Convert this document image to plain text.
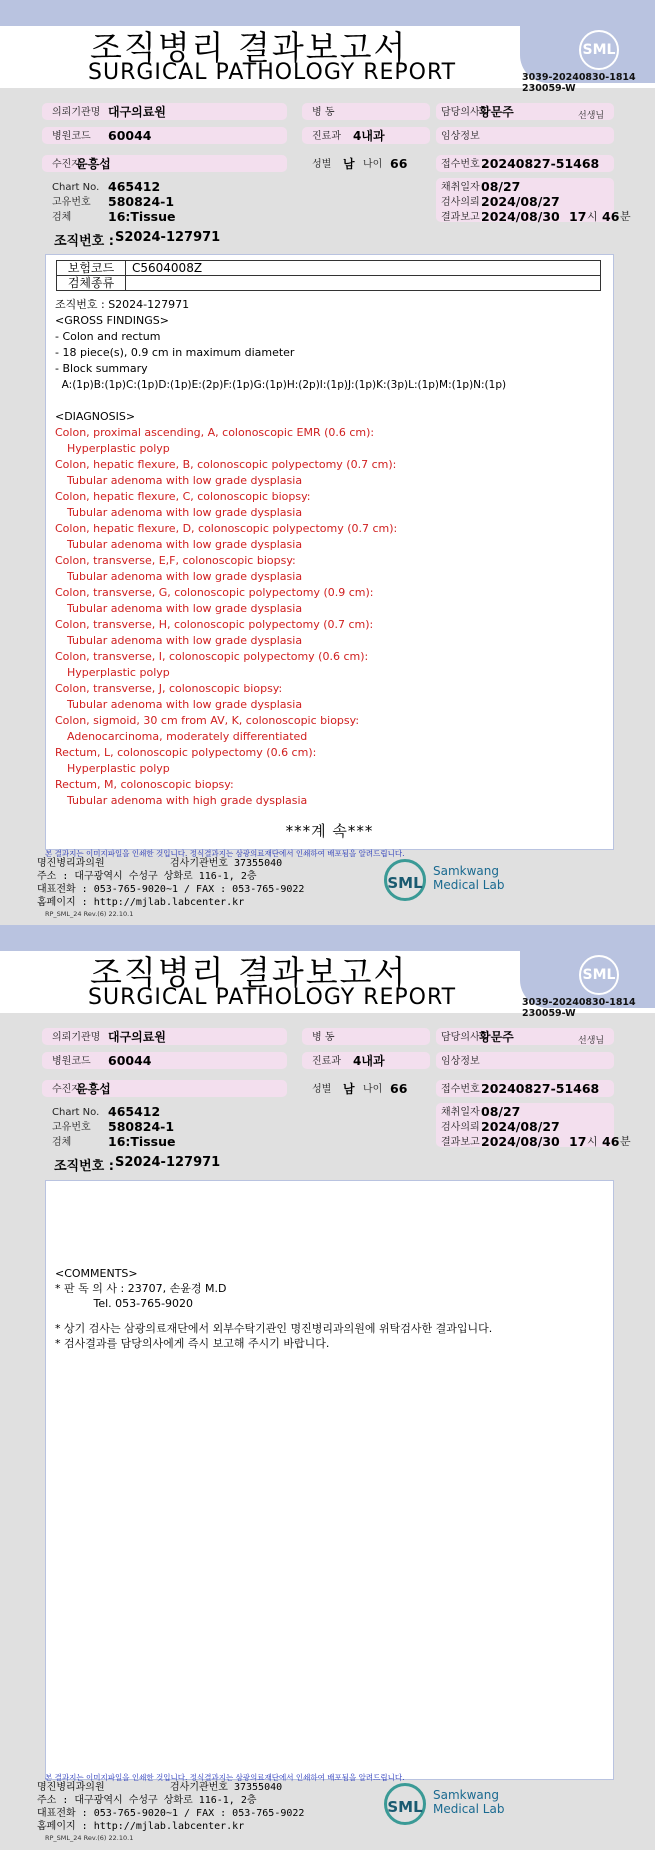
조직병리 결과보고서
SURGICAL PATHOLOGY REPORT
SML
3039-20240830-1814
230059-W
의뢰기관명 대구의료원	병 동	담당의사 황문주	선생님
병원코드 60044	진료과 4내과	임상정보
수진자
윤흥섭	성별 남 나이 66	접수번호 20240827-51468
Chart No. 465412
고유번호 580824-1
검체	16:Tissue
채취일자 08/27
검사의뢰 2024/08/27
결과보고 2024/08/30 17 시 46 분
조직번호 : S2024-127971
보험코드	C5604008Z
검체종류	
조직번호 : S2024-127971
<GROSS FINDINGS>
- Colon and rectum
- 18 piece(s), 0.9 cm in maximum diameter
- Block summary
A:(1p)B:(1p)C:(1p)D:(1p)E:(2p)F:(1p)G:(1p)H:(2p)I:(1p)J:(1p)K:(3p)L:(1p)M:(1p)N:(1p)
<DIAGNOSIS>
Colon, proximal ascending, A, colonoscopic EMR (0.6 cm):
Hyperplastic polyp
Colon, hepatic flexure, B, colonoscopic polypectomy (0.7 cm):
Tubular adenoma with low grade dysplasia
Colon, hepatic flexure, C, colonoscopic biopsy:
Tubular adenoma with low grade dysplasia
Colon, hepatic flexure, D, colonoscopic polypectomy (0.7 cm):
Tubular adenoma with low grade dysplasia
Colon, transverse, E,F, colonoscopic biopsy:
Tubular adenoma with low grade dysplasia
Colon, transverse, G, colonoscopic polypectomy (0.9 cm):
Tubular adenoma with low grade dysplasia
Colon, transverse, H, colonoscopic polypectomy (0.7 cm):
Tubular adenoma with low grade dysplasia
Colon, transverse, I, colonoscopic polypectomy (0.6 cm):
Hyperplastic polyp
Colon, transverse, J, colonoscopic biopsy:
Tubular adenoma with low grade dysplasia
Colon, sigmoid, 30 cm from AV, K, colonoscopic biopsy:
Adenocarcinoma, moderately differentiated
Rectum, L, colonoscopic polypectomy (0.6 cm):
Hyperplastic polyp
Rectum, M, colonoscopic biopsy:
Tubular adenoma with high grade dysplasia
***계 속***
본 결과지는 이미지파일을 인쇄한 것입니다. 정식결과지는 삼광의료재단에서 인쇄하여 배포됨을 알려드립니다.
명진병리과의원	검사기관번호 37355040
주소 : 대구광역시 수성구 상화로 116-1, 2층
대표전화 : 053-765-9020~1 / FAX : 053-765-9022
홈페이지 : http://mjlab.labcenter.kr
RP_SML_24 Rev.(6) 22.10.1
SML
Samkwang
Medical Lab
조직병리 결과보고서
SURGICAL PATHOLOGY REPORT
SML
3039-20240830-1814
230059-W
의뢰기관명 대구의료원	병 동	담당의사 황문주	선생님
병원코드 60044	진료과 4내과	임상정보
수진자
윤흥섭	성별 남 나이 66	접수번호 20240827-51468
Chart No. 465412
고유번호 580824-1
검체	16:Tissue
채취일자 08/27
검사의뢰 2024/08/27
결과보고 2024/08/30 17 시 46 분
조직번호 : S2024-127971
<COMMENTS>
* 판 독 의 사 : 23707, 손윤경 M.D
Tel. 053-765-9020
* 상기 검사는 삼광의료재단에서 외부수탁기관인 명진병리과의원에 위탁검사한 결과입니다.
* 검사결과를 담당의사에게 즉시 보고해 주시기 바랍니다.
본 결과지는 이미지파일을 인쇄한 것입니다. 정식결과지는 삼광의료재단에서 인쇄하여 배포됨을 알려드립니다.
명진병리과의원	검사기관번호 37355040
주소 : 대구광역시 수성구 상화로 116-1, 2층
대표전화 : 053-765-9020~1 / FAX : 053-765-9022
홈페이지 : http://mjlab.labcenter.kr
RP_SML_24 Rev.(6) 22.10.1
SML
Samkwang
Medical Lab
